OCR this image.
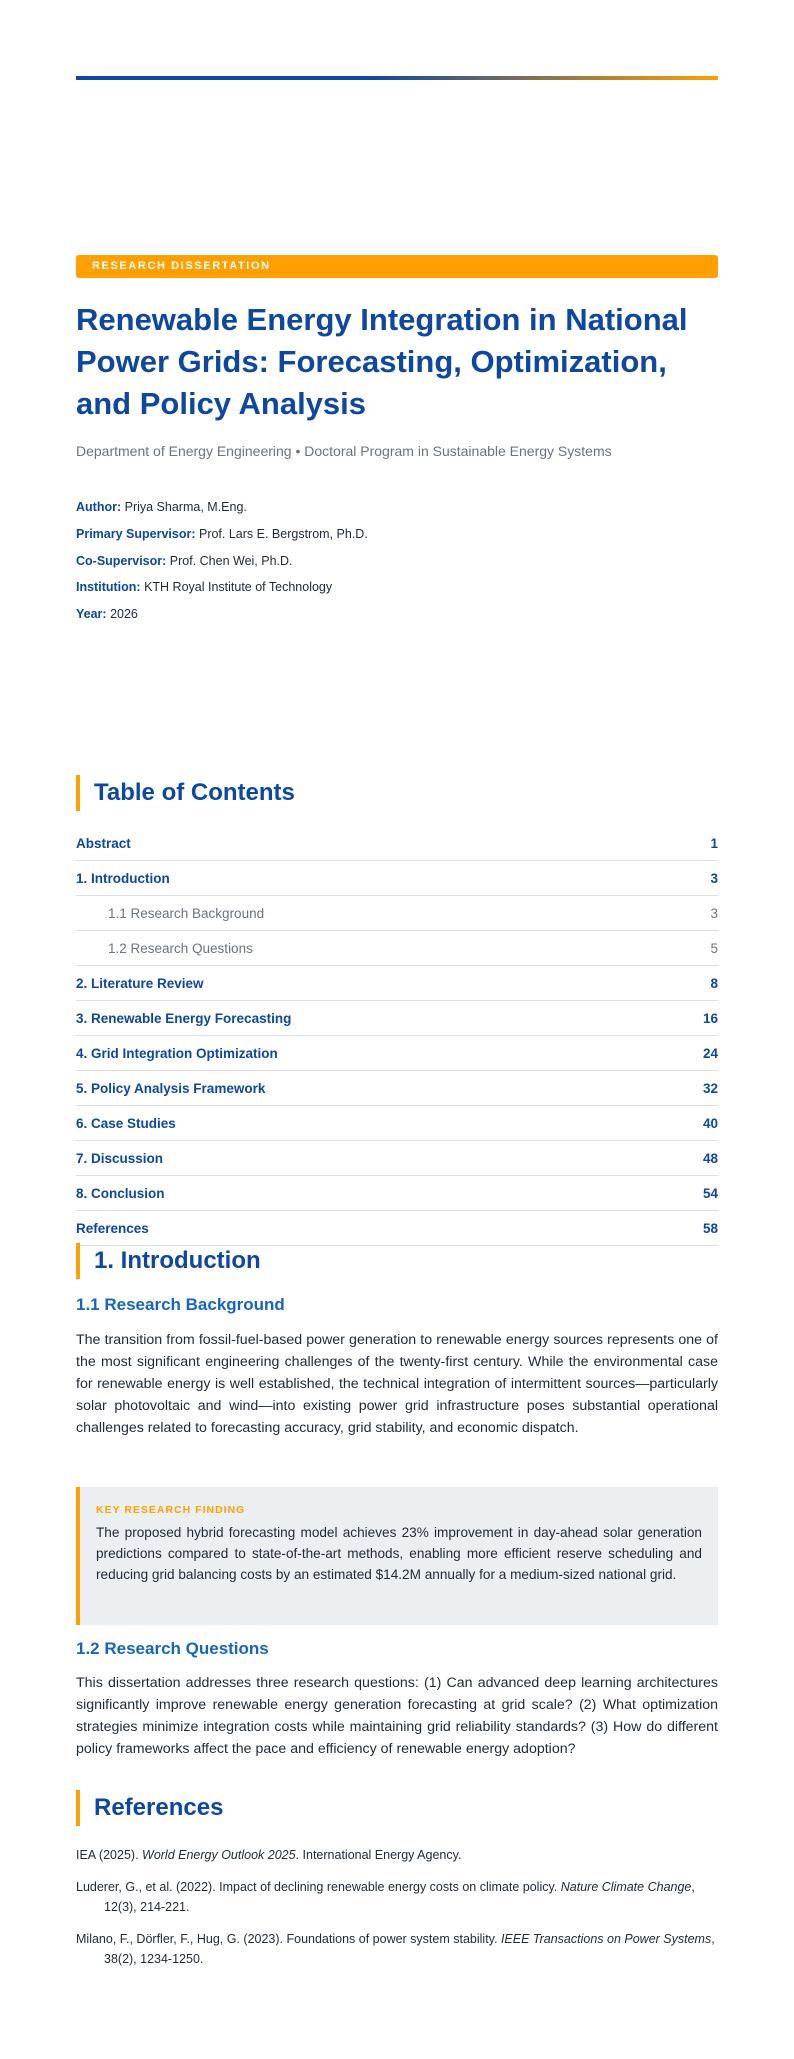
RESEARCH DISSERTATION
Renewable Energy Integration in National Power Grids: Forecasting, Optimization, and Policy Analysis

Department of Energy Engineering • Doctoral Program in Sustainable Energy Systems

Author: Priya Sharma, M.Eng.
Primary Supervisor: Prof. Lars E. Bergstrom, Ph.D.
Co-Supervisor: Prof. Chen Wei, Ph.D.
Institution: KTH Royal Institute of Technology
Year: 2026
Table of Contents
Abstract	1
1. Introduction	3
1.1 Research Background	3
1.2 Research Questions	5
2. Literature Review	8
3. Renewable Energy Forecasting	16
4. Grid Integration Optimization	24
5. Policy Analysis Framework	32
6. Case Studies	40
7. Discussion	48
8. Conclusion	54
References	58
1. Introduction
1.1 Research Background

The transition from fossil-fuel-based power generation to renewable energy sources represents one of the most significant engineering challenges of the twenty-first century. While the environmental case for renewable energy is well established, the technical integration of intermittent sources—particularly solar photovoltaic and wind—into existing power grid infrastructure poses substantial operational challenges related to forecasting accuracy, grid stability, and economic dispatch.

KEY RESEARCH FINDING

The proposed hybrid forecasting model achieves 23% improvement in day-ahead solar generation predictions compared to state-of-the-art methods, enabling more efficient reserve scheduling and reducing grid balancing costs by an estimated $14.2M annually for a medium-sized national grid.

1.2 Research Questions

This dissertation addresses three research questions: (1) Can advanced deep learning architectures significantly improve renewable energy generation forecasting at grid scale? (2) What optimization strategies minimize integration costs while maintaining grid reliability standards? (3) How do different policy frameworks affect the pace and efficiency of renewable energy adoption?

References
IEA (2025). World Energy Outlook 2025. International Energy Agency.
Luderer, G., et al. (2022). Impact of declining renewable energy costs on climate policy. Nature Climate Change, 12(3), 214-221.
Milano, F., Dörfler, F., Hug, G. (2023). Foundations of power system stability. IEEE Transactions on Power Systems, 38(2), 1234-1250.
